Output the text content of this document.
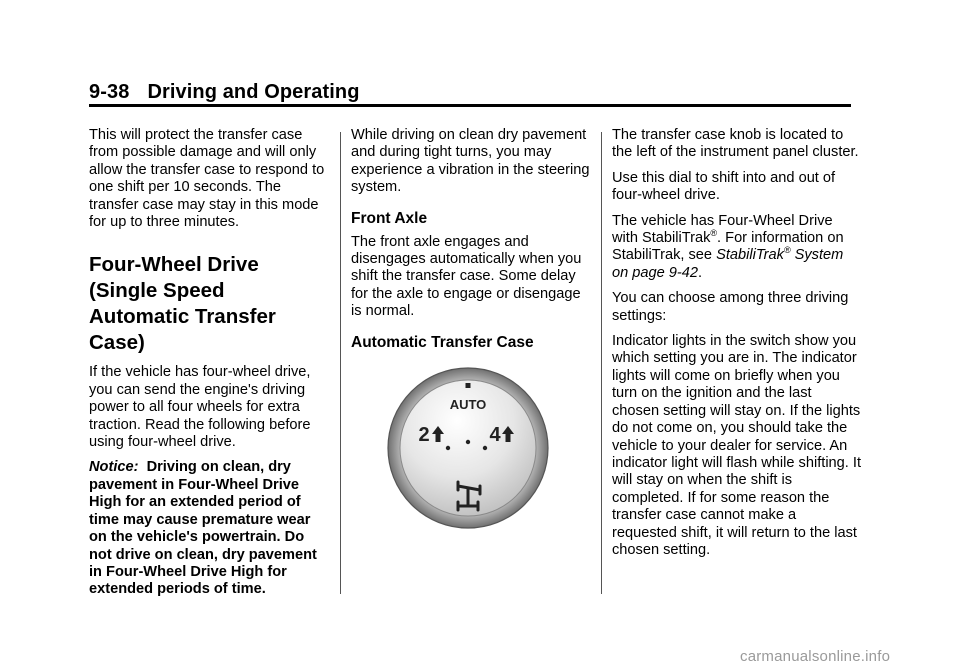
9-38 Driving and Operating

This will protect the transfer case from possible damage and will only allow the transfer case to respond to one shift per 10 seconds. The transfer case may stay in this mode for up to three minutes.

Four-Wheel Drive (Single Speed Automatic Transfer Case)

If the vehicle has four-wheel drive, you can send the engine's driving power to all four wheels for extra traction. Read the following before using four-wheel drive.

Notice: Driving on clean, dry pavement in Four-Wheel Drive High for an extended period of time may cause premature wear on the vehicle's powertrain. Do not drive on clean, dry pavement in Four-Wheel Drive High for extended periods of time.

While driving on clean dry pavement and during tight turns, you may experience a vibration in the steering system.

Front Axle

The front axle engages and disengages automatically when you shift the transfer case. Some delay for the axle to engage or disengage is normal.

Automatic Transfer Case
AUTO
2	4

The transfer case knob is located to the left of the instrument panel cluster.

Use this dial to shift into and out of four-wheel drive.

The vehicle has Four-Wheel Drive with StabiliTrak®. For information on StabiliTrak, see StabiliTrak® System on page 9-42.

You can choose among three driving settings:

Indicator lights in the switch show you which setting you are in. The indicator lights will come on briefly when you turn on the ignition and the last chosen setting will stay on. If the lights do not come on, you should take the vehicle to your dealer for service. An indicator light will flash while shifting. It will stay on when the shift is completed. If for some reason the transfer case cannot make a requested shift, it will return to the last chosen setting.

carmanualsonline.info
